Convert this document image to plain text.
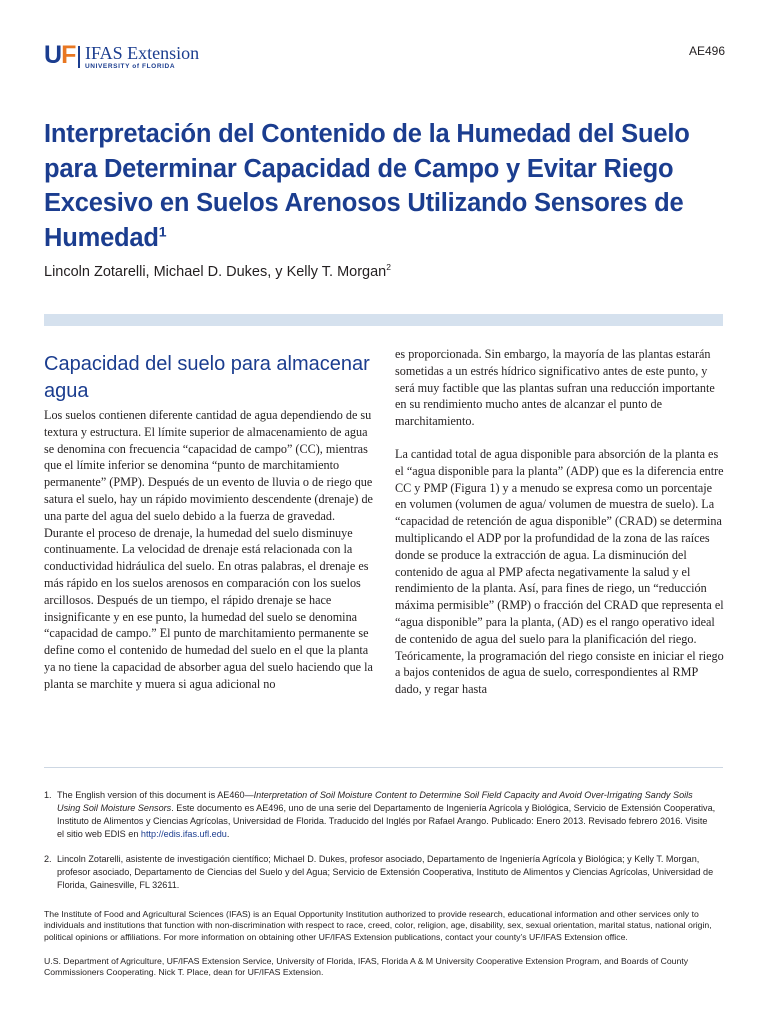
UF IFAS Extension
UNIVERSITY of FLORIDA
AE496
Interpretación del Contenido de la Humedad del Suelo para Determinar Capacidad de Campo y Evitar Riego Excesivo en Suelos Arenosos Utilizando Sensores de Humedad$^1$

Lincoln Zotarelli, Michael D. Dukes, y Kelly T. Morgan$^2$

Capacidad del suelo para almacenar agua

Los suelos contienen diferente cantidad de agua dependiendo de su textura y estructura. El límite superior de almacenamiento de agua se denomina con frecuencia “capacidad de campo” (CC), mientras que el límite inferior se denomina “punto de marchitamiento permanente” (PMP). Después de un evento de lluvia o de riego que satura el suelo, hay un rápido movimiento descendente (drenaje) de una parte del agua del suelo debido a la fuerza de gravedad. Durante el proceso de drenaje, la humedad del suelo disminuye continuamente. La velocidad de drenaje está relacionada con la conductividad hidráulica del suelo. En otras palabras, el drenaje es más rápido en los suelos arenosos en comparación con los suelos arcillosos. Después de un tiempo, el rápido drenaje se hace insignificante y en ese punto, la humedad del suelo se denomina “capacidad de campo.” El punto de marchitamiento permanente se define como el contenido de humedad del suelo en el que la planta ya no tiene la capacidad de absorber agua del suelo haciendo que la planta se marchite y muera si agua adicional no

es proporcionada. Sin embargo, la mayoría de las plantas estarán sometidas a un estrés hídrico significativo antes de este punto, y será muy factible que las plantas sufran una reducción importante en su rendimiento mucho antes de alcanzar el punto de marchitamiento.

La cantidad total de agua disponible para absorción de la planta es el “agua disponible para la planta” (ADP) que es la diferencia entre CC y PMP (Figura 1) y a menudo se expresa como un porcentaje en volumen (volumen de agua/ volumen de muestra de suelo). La “capacidad de retención de agua disponible” (CRAD) se determina multiplicando el ADP por la profundidad de la zona de las raíces donde se produce la extracción de agua. La disminución del contenido de agua al PMP afecta negativamente la salud y el rendimiento de la planta. Así, para fines de riego, un “reducción máxima permisible” (RMP) o fracción del CRAD que representa el “agua disponible” para la planta, (AD) es el rango operativo ideal de contenido de agua del suelo para la planificación del riego. Teóricamente, la programación del riego consiste en iniciar el riego a bajos contenidos de agua de suelo, correspondientes al RMP dado, y regar hasta

1. The English version of this document is AE460—Interpretation of Soil Moisture Content to Determine Soil Field Capacity and Avoid Over-Irrigating Sandy Soils Using Soil Moisture Sensors. Este documento es AE496, uno de una serie del Departamento de Ingeniería Agrícola y Biológica, Servicio de Extensión Cooperativa, Instituto de Alimentos y Ciencias Agrícolas, Universidad de Florida. Traducido del Inglés por Rafael Arango. Publicado: Enero 2013. Revisado febrero 2016. Visite el sitio web EDIS en http://edis.ifas.ufl.edu.
2. Lincoln Zotarelli, asistente de investigación científico; Michael D. Dukes, profesor asociado, Departamento de Ingeniería Agrícola y Biológica; y Kelly T. Morgan, profesor asociado, Departamento de Ciencias del Suelo y del Agua; Servicio de Extensión Cooperativa, Instituto de Alimentos y Ciencias Agrícolas, Universidad de Florida, Gainesville, FL 32611.

The Institute of Food and Agricultural Sciences (IFAS) is an Equal Opportunity Institution authorized to provide research, educational information and other services only to individuals and institutions that function with non-discrimination with respect to race, creed, color, religion, age, disability, sex, sexual orientation, marital status, national origin, political opinions or affiliations. For more information on obtaining other UF/IFAS Extension publications, contact your county’s UF/IFAS Extension office.

U.S. Department of Agriculture, UF/IFAS Extension Service, University of Florida, IFAS, Florida A & M University Cooperative Extension Program, and Boards of County Commissioners Cooperating. Nick T. Place, dean for UF/IFAS Extension.
